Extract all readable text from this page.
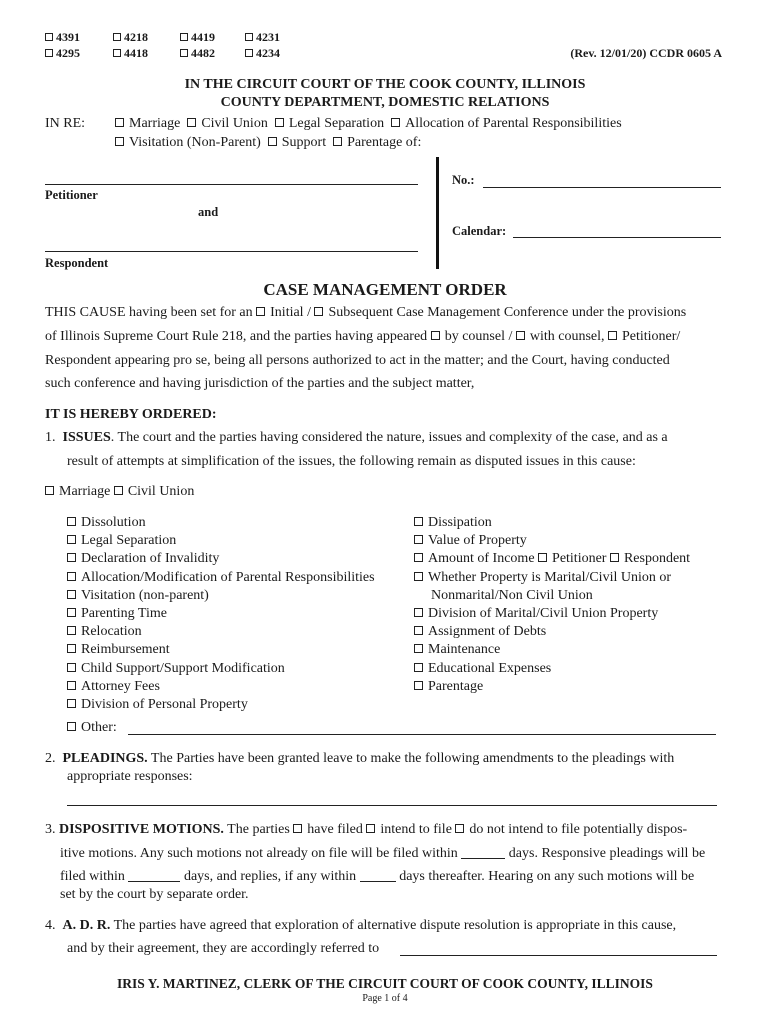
4391	4218	4419	4231
4295	4418	4482	4234	(Rev. 12/01/20) CCDR 0605 A
IN THE CIRCUIT COURT OF THE COOK COUNTY, ILLINOIS
COUNTY DEPARTMENT, DOMESTIC RELATIONS
IN RE:	Marriage Civil Union Legal Separation Allocation of Parental Responsibilities
Visitation (Non-Parent) Support Parentage of:
Petitioner
and
Respondent
No.:
Calendar:
CASE MANAGEMENT ORDER
THIS CAUSE having been set for an Initial / Subsequent Case Management Conference under the provisions
of Illinois Supreme Court Rule 218, and the parties having appeared by counsel / with counsel, Petitioner/
Respondent appearing pro se, being all persons authorized to act in the matter; and the Court, having conducted
such conference and having jurisdiction of the parties and the subject matter,
IT IS HEREBY ORDERED:
1. ISSUES. The court and the parties having considered the nature, issues and complexity of the case, and as a
result of attempts at simplification of the issues, the following remain as disputed issues in this cause:
Marriage Civil Union
Dissolution
Legal Separation
Declaration of Invalidity
Allocation/Modification of Parental Responsibilities
Visitation (non-parent)
Parenting Time
Relocation
Reimbursement
Child Support/Support Modification
Attorney Fees
Division of Personal Property
Dissipation
Value of Property
Amount of Income Petitioner Respondent
Whether Property is Marital/Civil Union or
Nonmarital/Non Civil Union
Division of Marital/Civil Union Property
Assignment of Debts
Maintenance
Educational Expenses
Parentage
Other:
2. PLEADINGS. The Parties have been granted leave to make the following amendments to the pleadings with
appropriate responses:
3. DISPOSITIVE MOTIONS. The parties have filed intend to file do not intend to file potentially dispos-
itive motions. Any such motions not already on file will be filed within	days. Responsive pleadings will be
filed within	days, and replies, if any within	days thereafter. Hearing on any such motions will be
set by the court by separate order.
4. A. D. R. The parties have agreed that exploration of alternative dispute resolution is appropriate in this cause,
and by their agreement, they are accordingly referred to
IRIS Y. MARTINEZ, CLERK OF THE CIRCUIT COURT OF COOK COUNTY, ILLINOIS
Page 1 of 4
